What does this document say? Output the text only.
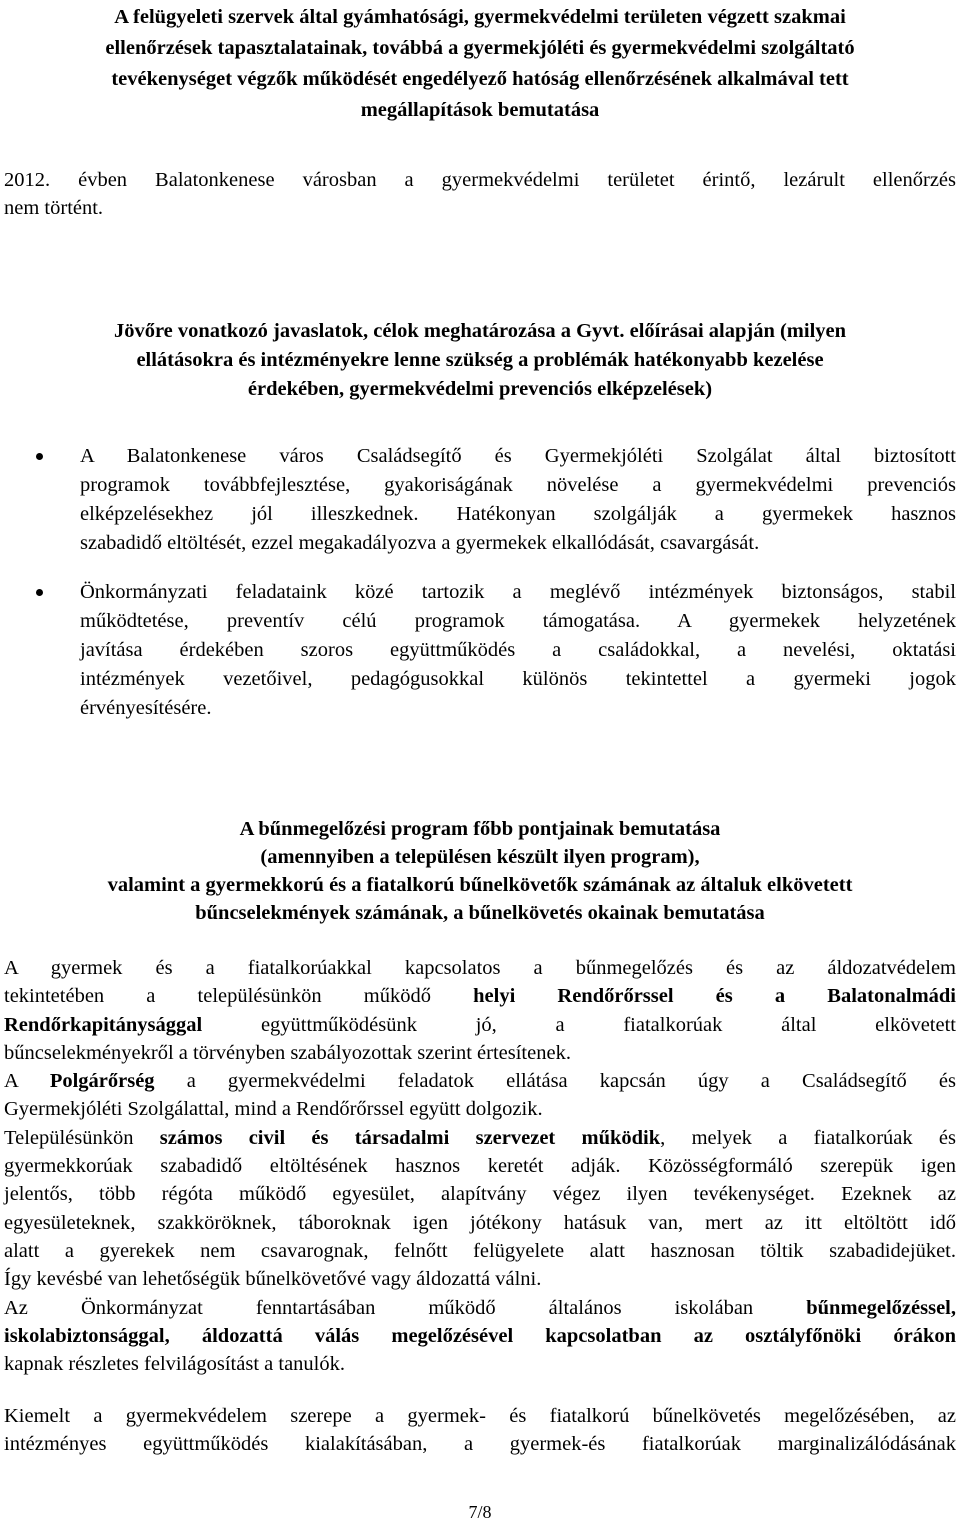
A felügyeleti szervek által gyámhatósági, gyermekvédelmi területen végzett szakmai
ellenőrzések tapasztalatainak, továbbá a gyermekjóléti és gyermekvédelmi szolgáltató
tevékenységet végzők működését engedélyező hatóság ellenőrzésének alkalmával tett
megállapítások bemutatása
2012. évben Balatonkenese városban a gyermekvédelmi területet érintő, lezárult ellenőrzés
nem történt.
Jövőre vonatkozó javaslatok, célok meghatározása a Gyvt. előírásai alapján (milyen
ellátásokra és intézményekre lenne szükség a problémák hatékonyabb kezelése
érdekében, gyermekvédelmi prevenciós elképzelések)
A Balatonkenese város Családsegítő és Gyermekjóléti Szolgálat által biztosított
programok továbbfejlesztése, gyakoriságának növelése a gyermekvédelmi prevenciós
elképzelésekhez jól illeszkednek. Hatékonyan szolgálják a gyermekek hasznos
szabadidő eltöltését, ezzel megakadályozva a gyermekek elkallódását, csavargását.
Önkormányzati feladataink közé tartozik a meglévő intézmények biztonságos, stabil
működtetése, preventív célú programok támogatása. A gyermekek helyzetének
javítása érdekében szoros együttműködés a családokkal, a nevelési, oktatási
intézmények vezetőivel, pedagógusokkal különös tekintettel a gyermeki jogok
érvényesítésére.
A bűnmegelőzési program főbb pontjainak bemutatása
(amennyiben a településen készült ilyen program),
valamint a gyermekkorú és a fiatalkorú bűnelkövetők számának az általuk elkövetett
bűncselekmények számának, a bűnelkövetés okainak bemutatása
A gyermek és a fiatalkorúakkal kapcsolatos a bűnmegelőzés és az áldozatvédelem
tekintetében a településünkön működő helyi Rendőrőrssel és a Balatonalmádi
Rendőrkapitánysággal együttműködésünk jó, a fiatalkorúak által elkövetett
bűncselekményekről a törvényben szabályozottak szerint értesítenek.
A Polgárőrség a gyermekvédelmi feladatok ellátása kapcsán úgy a Családsegítő és
Gyermekjóléti Szolgálattal, mind a Rendőrőrssel együtt dolgozik.
Településünkön számos civil és társadalmi szervezet működik, melyek a fiatalkorúak és
gyermekkorúak szabadidő eltöltésének hasznos keretét adják. Közösségformáló szerepük igen
jelentős, több régóta működő egyesület, alapítvány végez ilyen tevékenységet. Ezeknek az
egyesületeknek, szakköröknek, táboroknak igen jótékony hatásuk van, mert az itt eltöltött idő
alatt a gyerekek nem csavarognak, felnőtt felügyelete alatt hasznosan töltik szabadidejüket.
Így kevésbé van lehetőségük bűnelkövetővé vagy áldozattá válni.
Az Önkormányzat fenntartásában működő általános iskolában bűnmegelőzéssel,
iskolabiztonsággal, áldozattá válás megelőzésével kapcsolatban az osztályfőnöki órákon
kapnak részletes felvilágosítást a tanulók.
Kiemelt a gyermekvédelem szerepe a gyermek- és fiatalkorú bűnelkövetés megelőzésében, az
intézményes együttműködés kialakításában, a gyermek-és fiatalkorúak marginalizálódásának
7/8
